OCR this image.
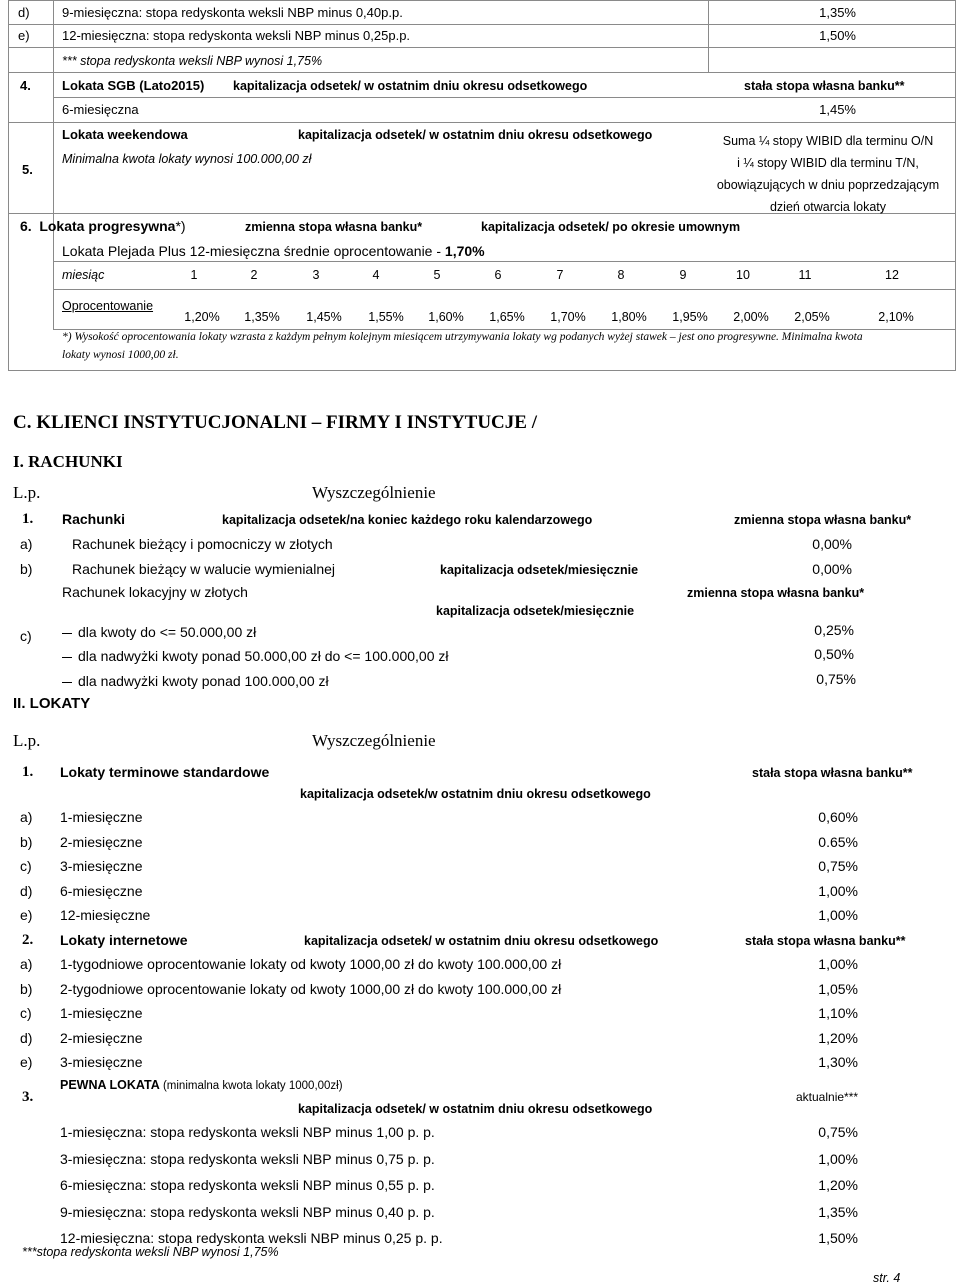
d) 9-miesięczna: stopa redyskonta weksli NBP minus 0,40p.p.	1,35%
e) 12-miesięczna: stopa redyskonta weksli NBP minus 0,25p.p.	1,50%
*** stopa redyskonta weksli NBP wynosi 1,75%
4. Lokata SGB (Lato2015) kapitalizacja odsetek/ w ostatnim dniu okresu odsetkowego	stała stopa własna banku**
6-miesięczna	1,45%
5.
Lokata weekendowa	kapitalizacja odsetek/ w ostatnim dniu okresu odsetkowego
Minimalna kwota lokaty wynosi 100.000,00 zł
Suma ¼ stopy WIBID dla terminu O/N
i ¼ stopy WIBID dla terminu T/N,
obowiązujących w dniu poprzedzającym
dzień otwarcia lokaty
6. Lokata progresywna*)	zmienna stopa własna banku*	kapitalizacja odsetek/ po okresie umownym
Lokata Plejada Plus 12-miesięczna średnie oprocentowanie - 1,70%
miesiąc	1	2	3	4	5	6	7	8	9	10	11	12
Oprocentowanie
1,20%	1,35%	1,45%	1,55%	1,60%	1,65%	1,70%	1,80%	1,95%	2,00%	2,05%	2,10%
*) Wysokość oprocentowania lokaty wzrasta z każdym pełnym kolejnym miesiącem utrzymywania lokaty wg podanych wyżej stawek – jest ono progresywne. Minimalna kwota
lokaty wynosi 1000,00 zł.
C. KLIENCI INSTYTUCJONALNI – FIRMY I INSTYTUCJE /
I. RACHUNKI
L.p.	Wyszczególnienie
1. Rachunki	kapitalizacja odsetek/na koniec każdego roku kalendarzowego	zmienna stopa własna banku*
a)	Rachunek bieżący i pomocniczy w złotych	0,00%
b)	Rachunek bieżący w walucie wymienialnej	kapitalizacja odsetek/miesięcznie	0,00%
c)
Rachunek lokacyjny w złotych	zmienna stopa własna banku*
kapitalizacja odsetek/miesięcznie
dla kwoty do <= 50.000,00 zł	0,25%
dla nadwyżki kwoty ponad 50.000,00 zł do <= 100.000,00 zł	0,50%
dla nadwyżki kwoty ponad 100.000,00 zł	0,75%
II. LOKATY
L.p.	Wyszczególnienie
1. Lokaty terminowe standardowe	stała stopa własna banku**
kapitalizacja odsetek/w ostatnim dniu okresu odsetkowego
a) 1-miesięczne	0,60%
b) 2-miesięczne	0.65%
c) 3-miesięczne	0,75%
d) 6-miesięczne	1,00%
e) 12-miesięczne	1,00%
2. Lokaty internetowe	kapitalizacja odsetek/ w ostatnim dniu okresu odsetkowego	stała stopa własna banku**
a) 1-tygodniowe oprocentowanie lokaty od kwoty 1000,00 zł do kwoty 100.000,00 zł	1,00%
b) 2-tygodniowe oprocentowanie lokaty od kwoty 1000,00 zł do kwoty 100.000,00 zł	1,05%
c) 1-miesięczne	1,10%
d) 2-miesięczne	1,20%
e) 3-miesięczne	1,30%
3.
PEWNA LOKATA (minimalna kwota lokaty 1000,00zł)
kapitalizacja odsetek/ w ostatnim dniu okresu odsetkowego
aktualnie***
1-miesięczna: stopa redyskonta weksli NBP minus 1,00 p. p.	0,75%
3-miesięczna: stopa redyskonta weksli NBP minus 0,75 p. p.	1,00%
6-miesięczna: stopa redyskonta weksli NBP minus 0,55 p. p.	1,20%
9-miesięczna: stopa redyskonta weksli NBP minus 0,40 p. p.	1,35%
12-miesięczna: stopa redyskonta weksli NBP minus 0,25 p. p.	1,50%
***stopa redyskonta weksli NBP wynosi 1,75%
str. 4
